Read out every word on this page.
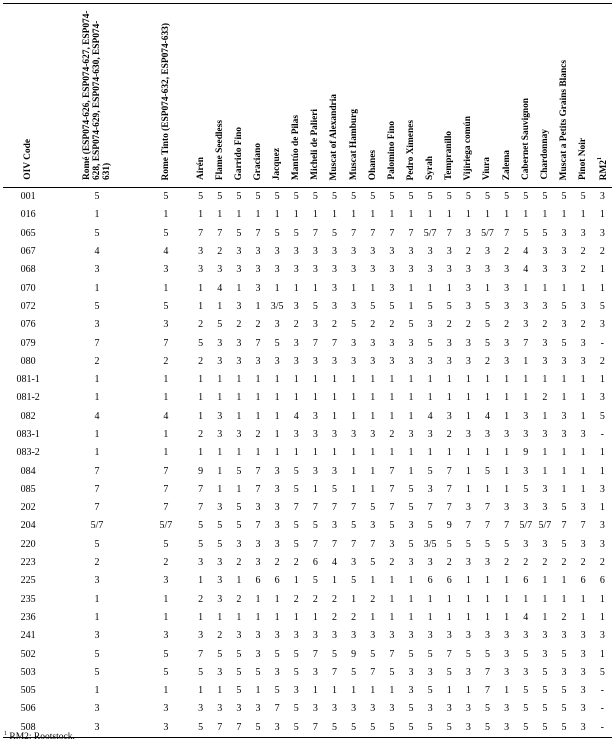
OIV Code	Romé (ESP074-626, ESP074-627, ESP074-628, ESP074-629, ESP074-630, ESP074-631)	Rome Tinto (ESP074-632, ESP074-633)	Airén	Flame Seedless	Garrido Fino	Graciano	Jacquez	Mantúo de Pilas	Micheli de Palieri	Muscat of Alexandria	Muscat Hamburg	Ohanes	Palomino Fino	Pedro Ximenes	Syrah	Tempranillo	Vijiriega común	Viura	Zalema	Cabernet Sauvignon	Chardonnay	Muscat a Petits Grains Blancs	Pinot Noir	$RM2^1$
001	5	5	5	5	5	5	5	5	5	5	5	5	5	5	5	5	5	5	5	5	5	5	5	3
016	1	1	1	1	1	1	1	1	1	1	1	1	1	1	1	1	1	1	1	1	1	1	1	1
065	5	5	7	7	5	7	5	5	7	5	7	7	7	7	5/7	7	3	5/7	7	5	5	3	3	3
067	4	4	3	2	3	3	3	3	3	3	3	3	3	3	3	3	2	3	2	4	3	3	2	2
068	3	3	3	3	3	3	3	3	3	3	3	3	3	3	3	3	3	3	3	4	3	3	2	1
070	1	1	1	4	1	3	1	1	1	3	1	1	3	1	1	1	3	1	3	1	1	1	1	1
072	5	5	1	1	3	1	3/5	3	5	3	3	5	5	1	5	5	3	5	3	3	3	5	3	5
076	3	3	2	5	2	2	3	2	3	2	5	2	2	5	3	2	2	5	2	3	2	3	2	3
079	7	7	5	3	3	7	5	3	7	7	3	3	3	3	5	3	3	5	3	7	3	5	3	-
080	2	2	2	3	3	3	3	3	3	3	3	3	3	3	3	3	3	2	3	1	3	3	3	2
081-1	1	1	1	1	1	1	1	1	1	1	1	1	1	1	1	1	1	1	1	1	1	1	1	1
081-2	1	1	1	1	1	1	1	1	1	1	1	1	1	1	1	1	1	1	1	1	2	1	1	3
082	4	4	1	3	1	1	1	4	3	1	1	1	1	1	4	3	1	4	1	3	1	3	1	5
083-1	1	1	2	3	3	2	1	3	3	3	3	3	2	3	3	2	3	3	3	3	3	3	3	-
083-2	1	1	1	1	1	1	1	1	1	1	1	1	1	1	1	1	1	1	1	9	1	1	1	1
084	7	7	9	1	5	7	3	5	3	3	1	1	7	1	5	7	1	5	1	3	1	1	1	1
085	7	7	7	1	1	7	3	5	1	5	1	1	7	5	3	7	1	1	1	5	3	1	1	3
202	7	7	7	3	5	3	3	7	7	7	7	5	7	5	7	7	3	7	3	3	3	5	3	1
204	5/7	5/7	5	5	5	7	3	5	5	3	5	3	5	3	5	9	7	7	7	5/7	5/7	7	7	3
220	5	5	5	5	3	3	3	5	7	7	7	7	3	5	3/5	5	5	5	5	3	3	5	3	3
223	2	2	3	3	2	3	2	2	6	4	3	5	2	3	3	2	3	3	2	2	2	2	2	2
225	3	3	1	3	1	6	6	1	5	1	5	1	1	1	6	6	1	1	1	6	1	1	6	6
235	1	1	2	3	2	1	1	2	2	2	1	2	1	1	1	1	1	1	1	1	1	1	1	1
236	1	1	1	1	1	1	1	1	1	2	2	1	1	1	1	1	1	1	1	4	1	2	1	1
241	3	3	3	2	3	3	3	3	3	3	3	3	3	3	3	3	3	3	3	3	3	3	3	3
502	5	5	7	5	5	3	5	5	7	5	9	5	7	5	5	7	5	5	3	5	3	5	3	1
503	5	5	5	3	5	5	3	5	3	7	5	7	5	3	3	5	3	7	3	3	5	3	3	5
505	1	1	1	1	5	1	5	3	1	1	1	1	1	3	5	1	1	7	1	5	5	5	3	-
506	3	3	3	3	3	3	7	5	3	3	3	3	3	5	3	3	3	5	3	5	5	5	3	-
508	3	3	5	7	7	5	3	5	7	5	5	5	5	5	5	5	3	5	3	5	5	5	3	-
$^1$ RM2: Rootstock.
